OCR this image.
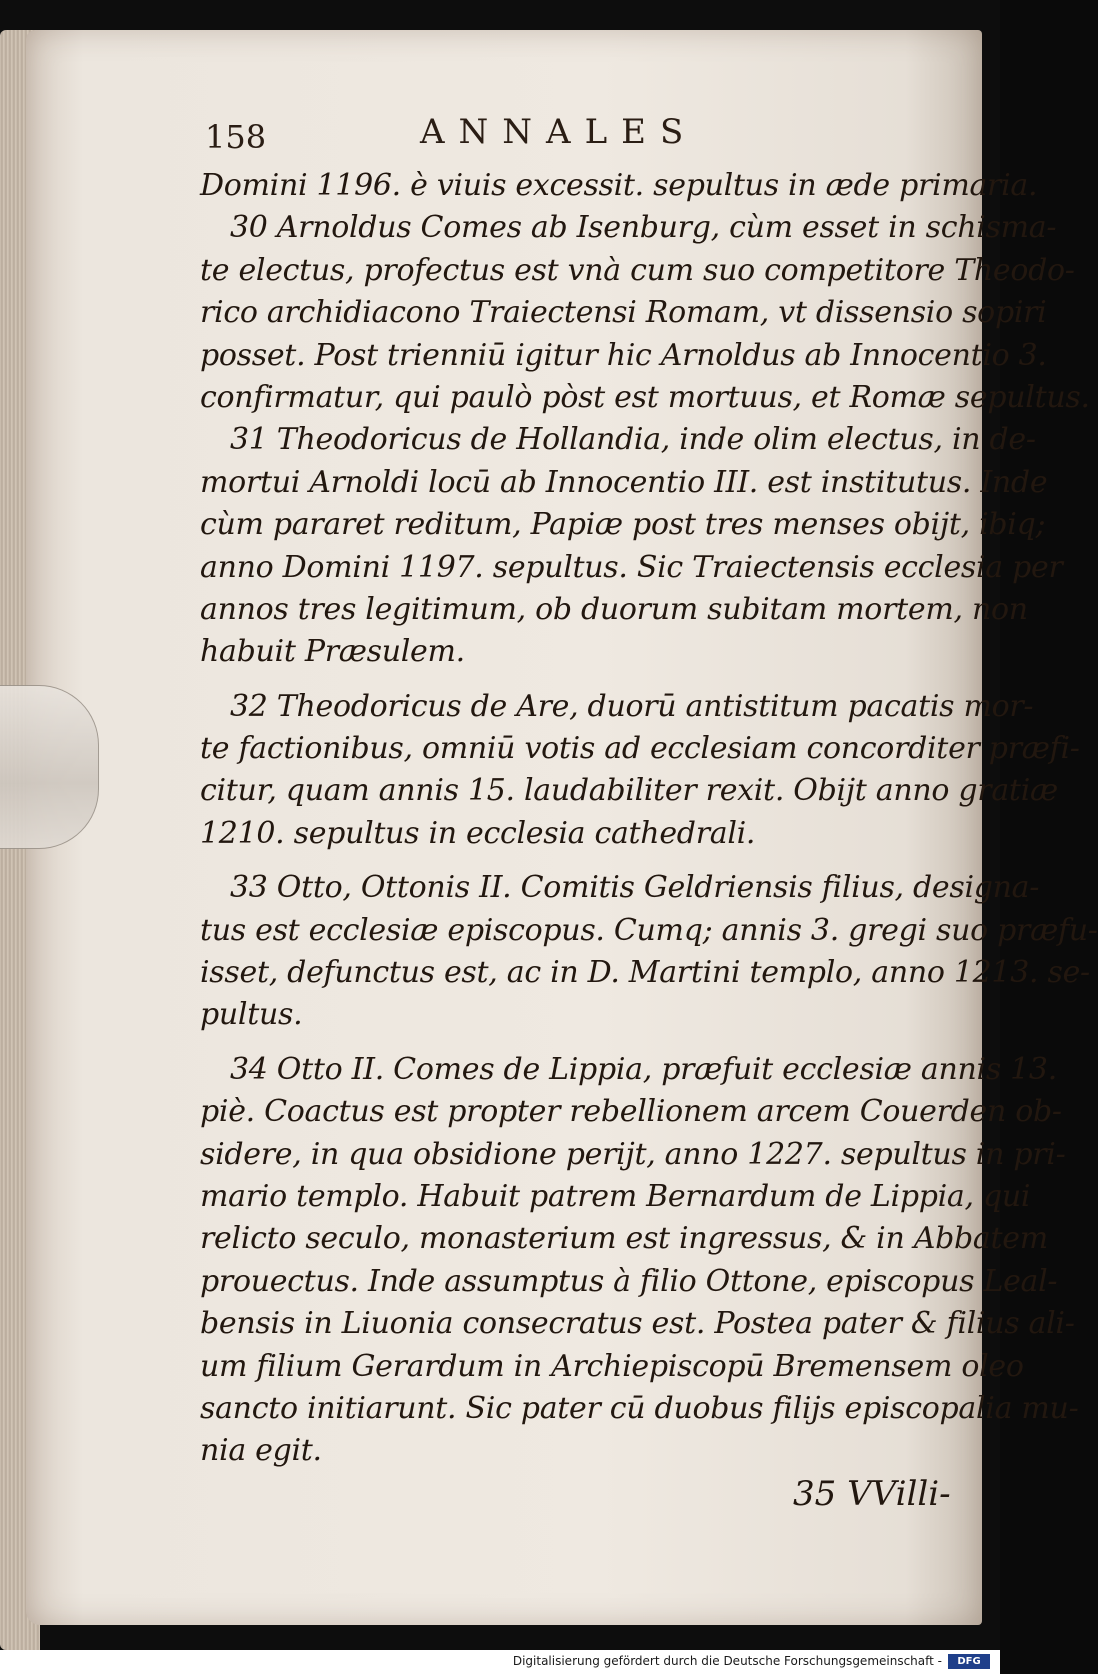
158	ANNALES
Domini 1196. è viuis excessit. sepultus in æde primaria.
30 Arnoldus Comes ab Isenburg, cùm esset in schisma-
te electus, profectus est vnà cum suo competitore Theodo-
rico archidiacono Traiectensi Romam, vt dissensio sopiri
posset. Post trienniū igitur hic Arnoldus ab Innocentio 3.
confirmatur, qui paulò pòst est mortuus, et Romæ sepultus.
31 Theodoricus de Hollandia, inde olim electus, in de-
mortui Arnoldi locū ab Innocentio III. est institutus. Inde
cùm pararet reditum, Papiæ post tres menses obijt, ibiq;
anno Domini 1197. sepultus. Sic Traiectensis ecclesia per
annos tres legitimum, ob duorum subitam mortem, non
habuit Præsulem.
32 Theodoricus de Are, duorū antistitum pacatis mor-
te factionibus, omniū votis ad ecclesiam concorditer præfi-
citur, quam annis 15. laudabiliter rexit. Obijt anno gratiæ
1210. sepultus in ecclesia cathedrali.
33 Otto, Ottonis II. Comitis Geldriensis filius, designa-
tus est ecclesiæ episcopus. Cumq; annis 3. gregi suo præfu-
isset, defunctus est, ac in D. Martini templo, anno 1213. se-
pultus.
34 Otto II. Comes de Lippia, præfuit ecclesiæ annis 13.
piè. Coactus est propter rebellionem arcem Couerden ob-
sidere, in qua obsidione perijt, anno 1227. sepultus in pri-
mario templo. Habuit patrem Bernardum de Lippia, qui
relicto seculo, monasterium est ingressus, & in Abbatem
prouectus. Inde assumptus à filio Ottone, episcopus Leal-
bensis in Liuonia consecratus est. Postea pater & filius ali-
um filium Gerardum in Archiepiscopū Bremensem oleo
sancto initiarunt. Sic pater cū duobus filijs episcopalia mu-
nia egit.
35 VVilli-
Digitalisierung gefördert durch die Deutsche Forschungsgemeinschaft -	DFG
